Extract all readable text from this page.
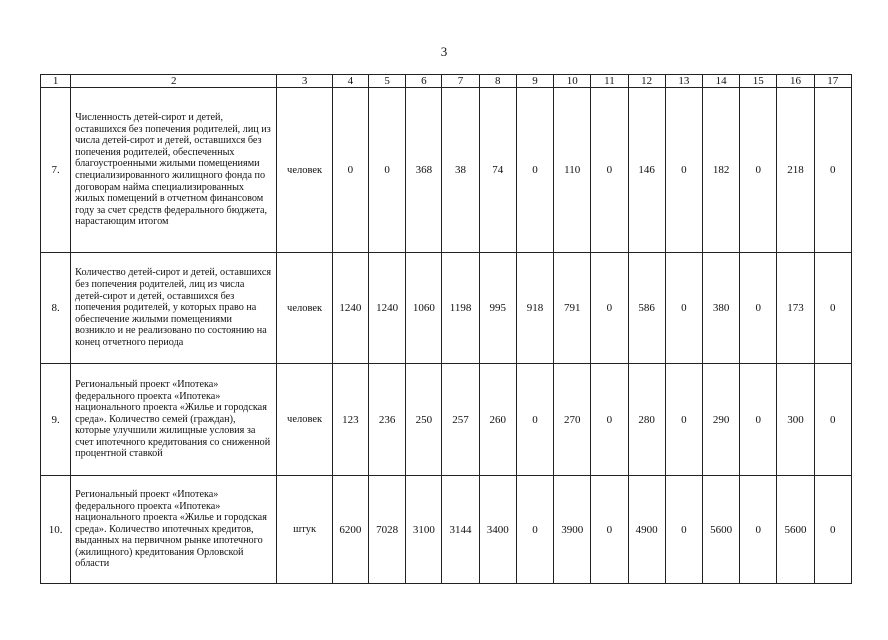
3
1	2	3	4	5	6	7	8	9	10	11	12	13	14	15	16	17
7.	Численность детей-сирот и детей, оставшихся без попечения родителей, лиц из числа детей-сирот и детей, оставшихся без попечения родителей, обеспеченных благоустроенными жилыми помещениями специализированного жилищного фонда по договорам найма специализированных жилых помещений в отчетном финансовом году за счет средств федерального бюджета, нарастающим итогом	человек	0	0	368	38	74	0	110	0	146	0	182	0	218	0
8.	Количество детей-сирот и детей, оставшихся без попечения родителей, лиц из числа детей-сирот и детей, оставшихся без попечения родителей, у которых право на обеспечение жилыми помещениями возникло и не реализовано по состоянию на конец отчетного периода	человек	1240	1240	1060	1198	995	918	791	0	586	0	380	0	173	0
9.	Региональный проект «Ипотека» федерального проекта «Ипотека» национального проекта «Жилье и городская среда». Количество семей (граждан), которые улучшили жилищные условия за счет ипотечного кредитования со сниженной процентной ставкой	человек	123	236	250	257	260	0	270	0	280	0	290	0	300	0
10.	Региональный проект «Ипотека» федерального проекта «Ипотека» национального проекта «Жилье и городская среда». Количество ипотечных кредитов, выданных на первичном рынке ипотечного (жилищного) кредитования Орловской области	штук	6200	7028	3100	3144	3400	0	3900	0	4900	0	5600	0	5600	0
